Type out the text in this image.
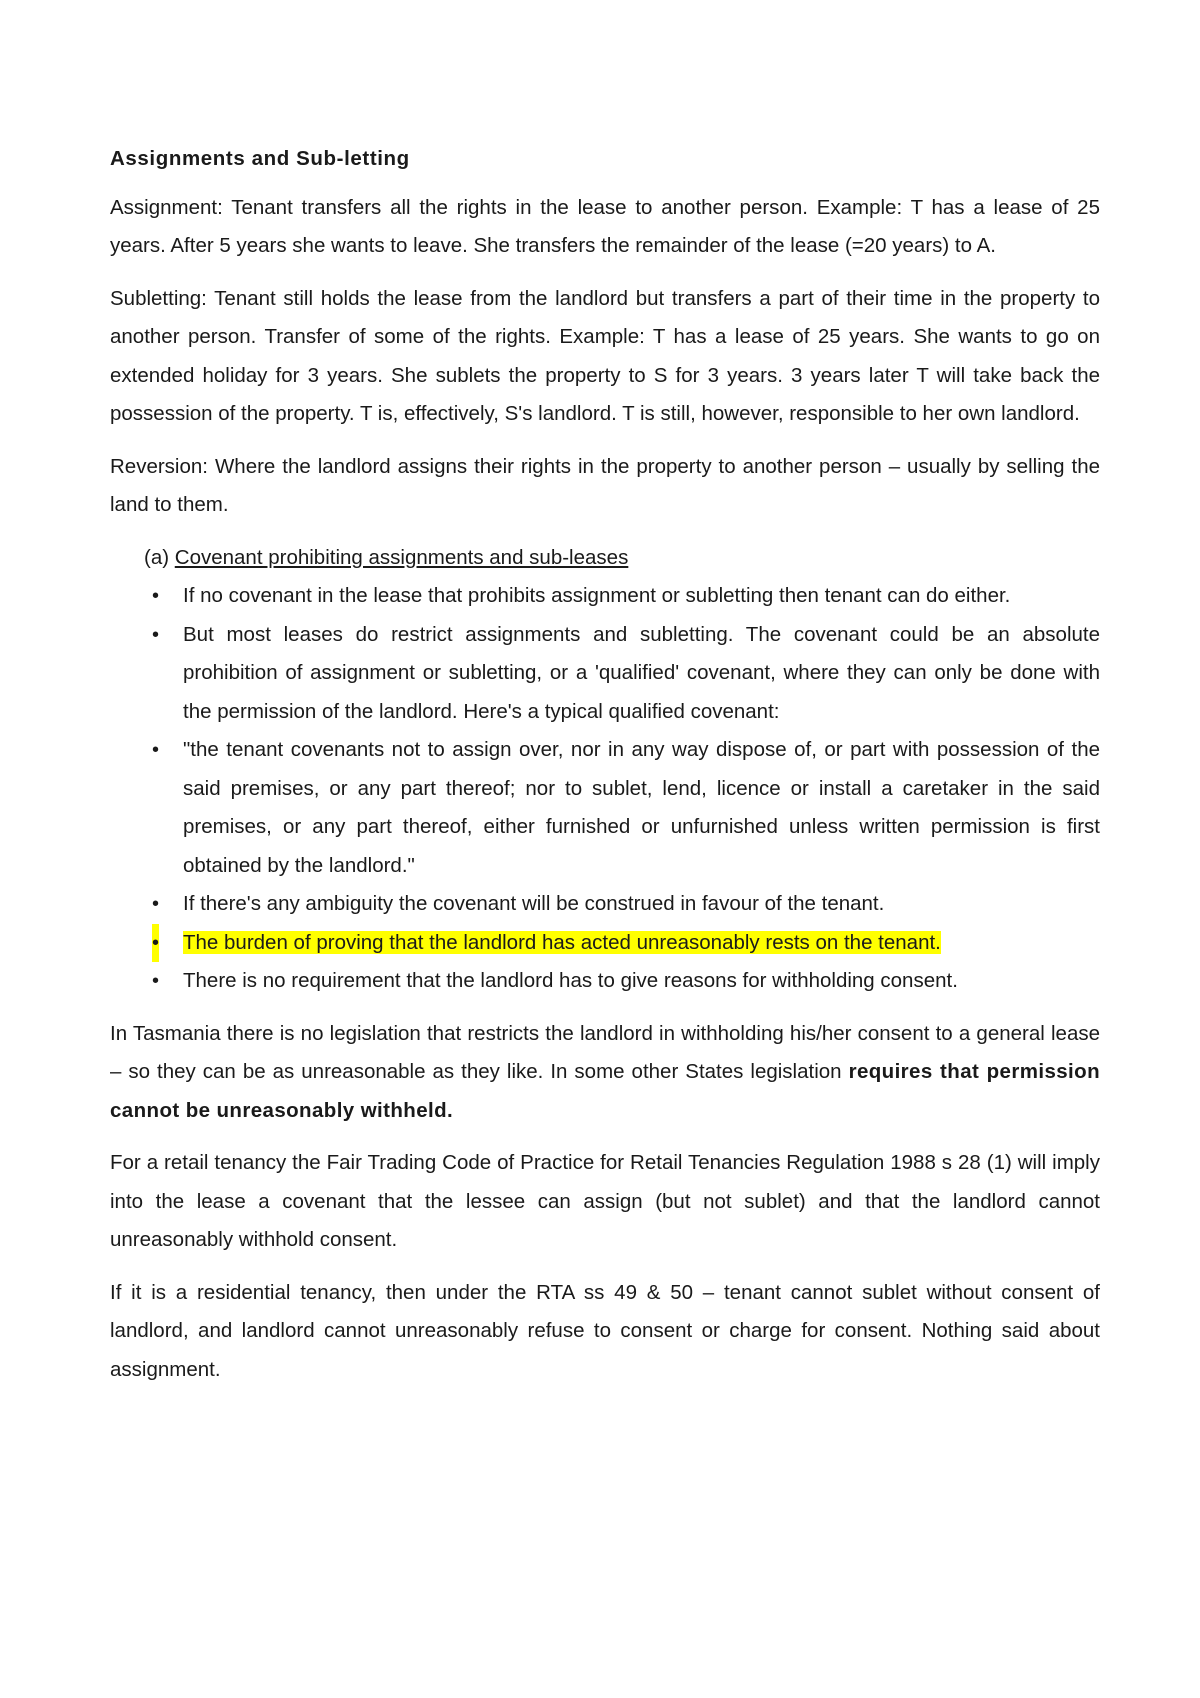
Assignments and Sub-letting

Assignment: Tenant transfers all the rights in the lease to another person. Example: T has a lease of 25 years. After 5 years she wants to leave. She transfers the remainder of the lease (=20 years) to A.

Subletting: Tenant still holds the lease from the landlord but transfers a part of their time in the property to another person. Transfer of some of the rights. Example: T has a lease of 25 years. She wants to go on extended holiday for 3 years. She sublets the property to S for 3 years. 3 years later T will take back the possession of the property. T is, effectively, S's landlord. T is still, however, responsible to her own landlord.

Reversion: Where the landlord assigns their rights in the property to another person – usually by selling the land to them.

(a) Covenant prohibiting assignments and sub-leases
• If no covenant in the lease that prohibits assignment or subletting then tenant can do either.
• But most leases do restrict assignments and subletting. The covenant could be an absolute prohibition of assignment or subletting, or a 'qualified' covenant, where they can only be done with the permission of the landlord. Here's a typical qualified covenant:
• "the tenant covenants not to assign over, nor in any way dispose of, or part with possession of the said premises, or any part thereof; nor to sublet, lend, licence or install a caretaker in the said premises, or any part thereof, either furnished or unfurnished unless written permission is first obtained by the landlord."
• If there's any ambiguity the covenant will be construed in favour of the tenant.
• The burden of proving that the landlord has acted unreasonably rests on the tenant.
• There is no requirement that the landlord has to give reasons for withholding consent.

In Tasmania there is no legislation that restricts the landlord in withholding his/her consent to a general lease – so they can be as unreasonable as they like. In some other States legislation requires that permission cannot be unreasonably withheld.

For a retail tenancy the Fair Trading Code of Practice for Retail Tenancies Regulation 1988 s 28 (1) will imply into the lease a covenant that the lessee can assign (but not sublet) and that the landlord cannot unreasonably withhold consent.

If it is a residential tenancy, then under the RTA ss 49 & 50 – tenant cannot sublet without consent of landlord, and landlord cannot unreasonably refuse to consent or charge for consent. Nothing said about assignment.
